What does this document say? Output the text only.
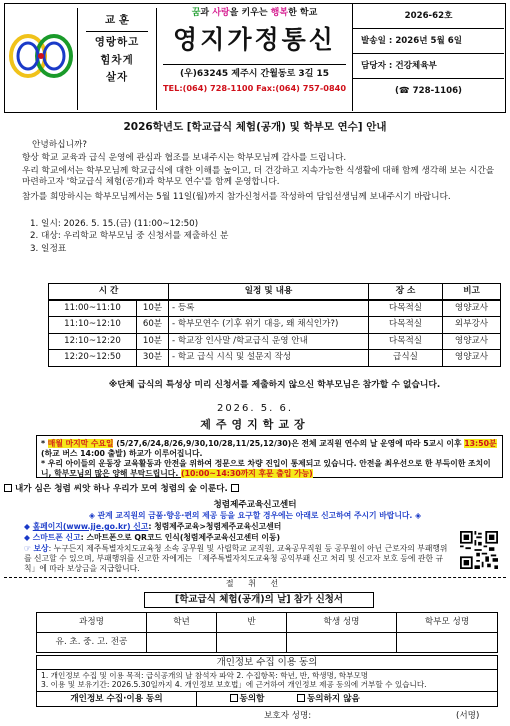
교 훈
영랑하고
힘차게
살자
꿈과 사랑을 키우는 행복한 학교
영지가정통신
(우)63245 제주시 간월동로 3길 15
TEL:(064) 728-1100 Fax:(064) 757-0840
2026-62호
발송일 : 2026년 5월 6일
담당자 : 건강체육부
(☎ 728-1106)
2026학년도 [학교급식 체험(공개) 및 학부모 연수] 안내
안녕하십니까?
항상 학교 교육과 급식 운영에 관심과 협조를 보내주시는 학부모님께 감사를 드립니다.
우리 학교에서는 학부모님께 학교급식에 대한 이해를 높이고, 더 건강하고 지속가능한 식생활에 대해 함께 생각해 보는 시간을 마련하고자 '학교급식 체험(공개)과 학부모 연수'를 함께 운영합니다.
참가를 희망하시는 학부모님께서는 5월 11일(월)까지 참가신청서를 작성하여 담임선생님께 보내주시기 바랍니다.
1. 일시: 2026. 5. 15.(금) (11:00~12:50)
2. 대상: 우리학교 학부모님 중 신청서를 제출하신 분
3. 일정표
시 간		일정 및 내용	장 소	비고
11:00~11:10	10분	- 등록	다목적실	영양교사
11:10~12:10	60분	- 학부모연수 (기후 위기 대응, 왜 채식인가?)	다목적실	외부강사
12:10~12:20	10분	- 학교장 인사말 /학교급식 운영 안내	다목적실	영양교사
12:20~12:50	30분	- 학교 급식 시식 및 설문지 작성	급식실	영양교사
※단체 급식의 특성상 미리 신청서를 제출하지 않으신 학부모님은 참가할 수 없습니다.
2026. 5. 6.
제주영지학교장
* 매월 마지막 수요일 (5/27,6/24,8/26,9/30,10/28,11/25,12/30)은 전체 교직원 연수의 날 운영에 따라 5교시 이후 13:50분 (하교 버스 14:00 출발) 하교가 이루어집니다.
* 우리 아이들의 운동장 교육활동과 안전을 위하여 정문으로 차량 진입이 통제되고 있습니다. 안전을 최우선으로 한 부득이한 조치이니, 학부모님의 많은 양해 부탁드립니다. (10:00~14:30까지 후문 출입 가능)
내가 심은 청렴 씨앗 하나 우리가 모여 청렴의 숲 이룬다.
청렴제주교육신고센터
◈ 관계 교직원의 금품·향응·편의 제공 등을 요구할 경우에는 아래로 신고하여 주시기 바랍니다. ◈
◆ 홈페이지(www.jje.go.kr) 신고: 청렴제주교육>청렴제주교육신고센터
◆ 스마트폰 신고: 스마트폰으로 QR코드 인식(청렴제주교육신고센터 이동)
☞ 보상: 누구든지 제주특별자치도교육청 소속 공무원 및 사립학교 교직원, 교육공무직원 등 공무원이 아닌 근로자의 부패행위를 신고할 수 있으며, 부패행위를 신고한 자에게는 「제주특별자치도교육청 공익부패 신고 처리 및 신고자 보호 등에 관한 규칙」에 따라 보상금을 지급합니다.
절 취 선
[학교급식 체험(공개)의 날] 참가 신청서
과정명	학년	반	학생 성명	학부모 성명
유. 초. 중. 고. 전공				
개인정보 수집 이용 동의
1. 개인정보 수집 및 이용 목적: 급식공개의 날 참석자 파악 2. 수집항목: 학년, 반, 학생명, 학부모명
3. 이용 및 보유기간: 2026.5.30일까지 4. 개인정보 보호법」에 근거하여 개인정보 제공 동의에 거부할 수 있습니다.
개인정보 수집·이용 동의	동의함	동의하지 않음
보호자 성명:	(서명)
